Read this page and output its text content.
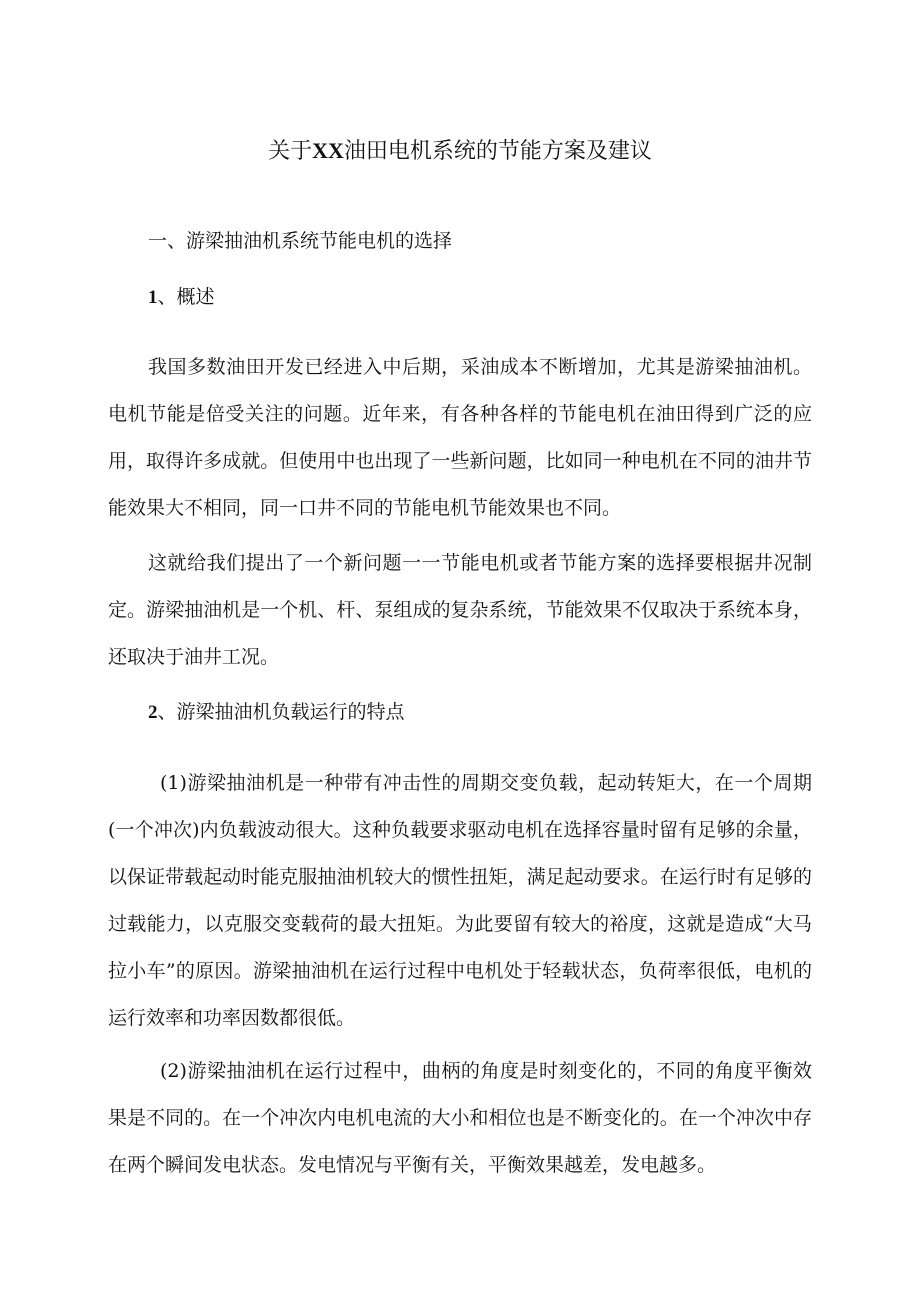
关于XX油田电机系统的节能方案及建议
一、游梁抽油机系统节能电机的选择
1、概述

我国多数油田开发已经进入中后期，采油成本不断增加，尤其是游梁抽油机。电机节能是倍受关注的问题。近年来，有各种各样的节能电机在油田得到广泛的应用，取得许多成就。但使用中也出现了一些新问题，比如同一种电机在不同的油井节能效果大不相同，同一口井不同的节能电机节能效果也不同。

这就给我们提出了一个新问题一一节能电机或者节能方案的选择要根据井况制定。游梁抽油机是一个机、杆、泵组成的复杂系统，节能效果不仅取决于系统本身，还取决于油井工况。

2、游梁抽油机负载运行的特点

(1)游梁抽油机是一种带有冲击性的周期交变负载，起动转矩大，在一个周期(一个冲次)内负载波动很大。这种负载要求驱动电机在选择容量时留有足够的余量，以保证带载起动时能克服抽油机较大的惯性扭矩，满足起动要求。在运行时有足够的过载能力，以克服交变载荷的最大扭矩。为此要留有较大的裕度，这就是造成“大马拉小车”的原因。游梁抽油机在运行过程中电机处于轻载状态，负荷率很低，电机的运行效率和功率因数都很低。

(2)游梁抽油机在运行过程中，曲柄的角度是时刻变化的，不同的角度平衡效果是不同的。在一个冲次内电机电流的大小和相位也是不断变化的。在一个冲次中存在两个瞬间发电状态。发电情况与平衡有关，平衡效果越差，发电越多。
